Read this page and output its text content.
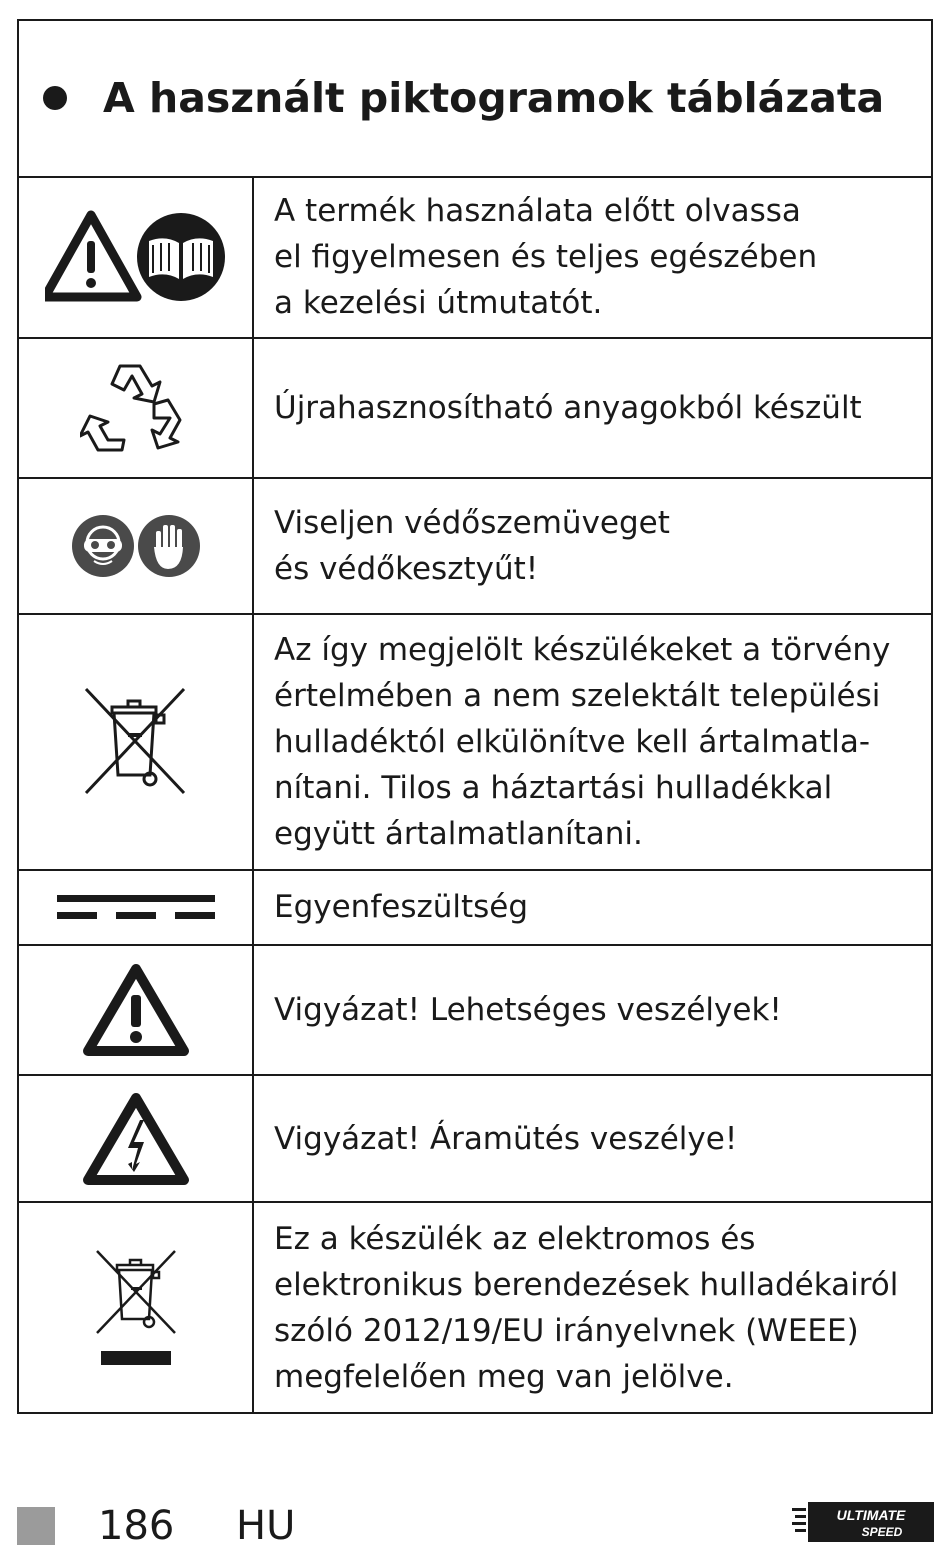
A használt piktogramok táblázata
A termék használata előtt olvassa
el figyelmesen és teljes egészében
a kezelési útmutatót.
Újrahasznosítható anyagokból készült
Viseljen védőszemüveget
és védőkesztyűt!
Az így megjelölt készülékeket a törvény
értelmében a nem szelektált települési
hulladéktól elkülönítve kell ártalmatla-
nítani. Tilos a háztartási hulladékkal
együtt ártalmatlanítani.
Egyenfeszültség
Vigyázat! Lehetséges veszélyek!
Vigyázat! Áramütés veszélye!
Ez a készülék az elektromos és
elektronikus berendezések hulladékairól
szóló 2012/19/EU irányelvnek (WEEE)
megfelelően meg van jelölve.
186 HU	ULTIMATE
SPEED
